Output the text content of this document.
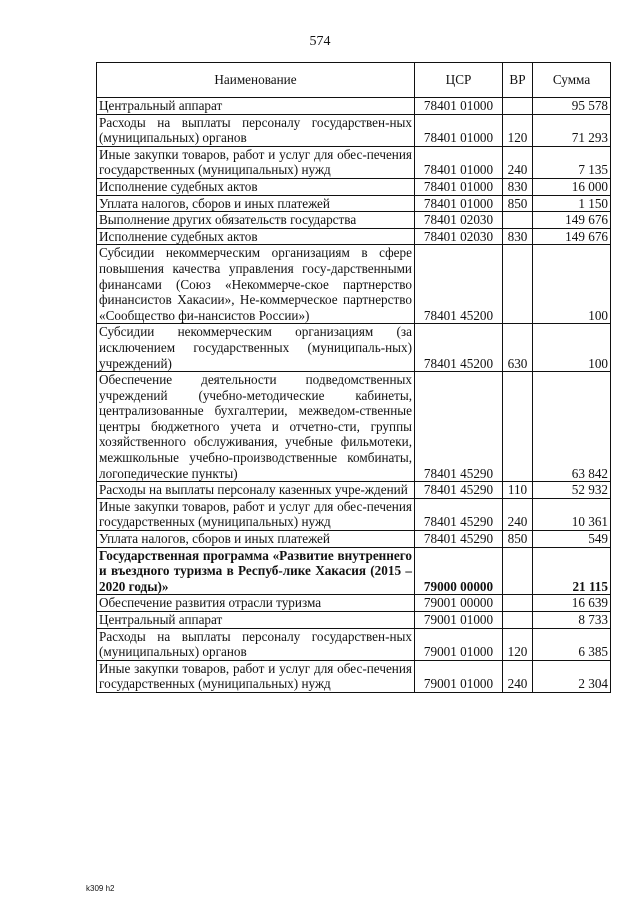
574
Наименование	ЦСР	ВР	Сумма
Центральный аппарат	78401 01000		95 578
Расходы на выплаты персоналу государствен-ных (муниципальных) органов	78401 01000	120	71 293
Иные закупки товаров, работ и услуг для обес-печения государственных (муниципальных) нужд	78401 01000	240	7 135
Исполнение судебных актов	78401 01000	830	16 000
Уплата налогов, сборов и иных платежей	78401 01000	850	1 150
Выполнение других обязательств государства	78401 02030		149 676
Исполнение судебных актов	78401 02030	830	149 676
Субсидии некоммерческим организациям в сфере повышения качества управления госу-дарственными финансами (Союз «Некоммерче-ское партнерство финансистов Хакасии», Не-коммерческое партнерство «Сообщество фи-нансистов России»)	78401 45200		100
Субсидии некоммерческим организациям (за исключением государственных (муниципаль-ных) учреждений)	78401 45200	630	100
Обеспечение деятельности подведомственных учреждений (учебно-методические кабинеты, централизованные бухгалтерии, межведом-ственные центры бюджетного учета и отчетно-сти, группы хозяйственного обслуживания, учебные фильмотеки, межшкольные учебно-производственные комбинаты, логопедические пункты)	78401 45290		63 842
Расходы на выплаты персоналу казенных учре-ждений	78401 45290	110	52 932
Иные закупки товаров, работ и услуг для обес-печения государственных (муниципальных) нужд	78401 45290	240	10 361
Уплата налогов, сборов и иных платежей	78401 45290	850	549
Государственная программа «Развитие внутреннего и въездного туризма в Респуб-лике Хакасия (2015 – 2020 годы)»	79000 00000		21 115
Обеспечение развития отрасли туризма	79001 00000		16 639
Центральный аппарат	79001 01000		8 733
Расходы на выплаты персоналу государствен-ных (муниципальных) органов	79001 01000	120	6 385
Иные закупки товаров, работ и услуг для обес-печения государственных (муниципальных) нужд	79001 01000	240	2 304
k309 h2
